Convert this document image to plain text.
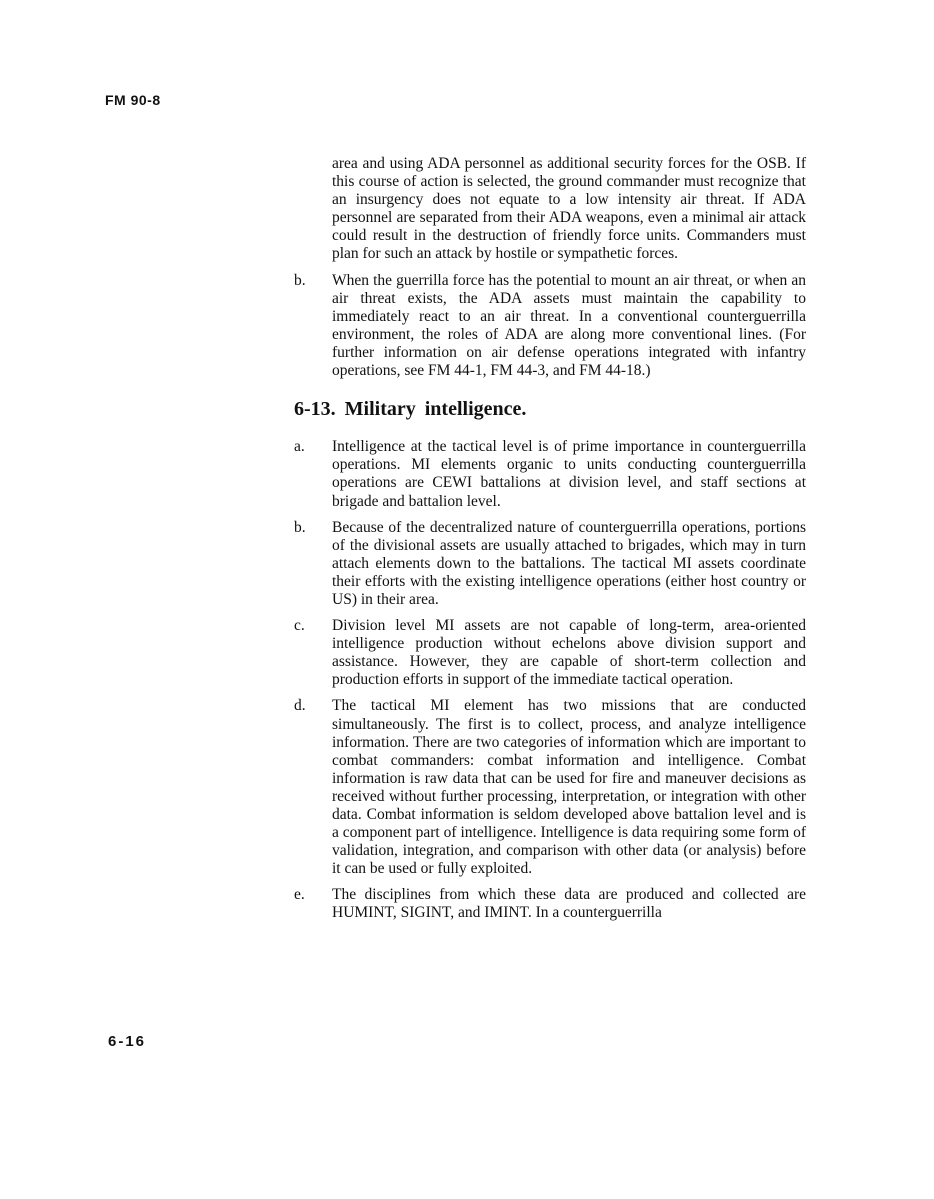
FM 90-8
area and using ADA personnel as additional security forces for the OSB. If this course of action is selected, the ground commander must recognize that an insurgency does not equate to a low intensity air threat. If ADA personnel are separated from their ADA weapons, even a minimal air attack could result in the destruction of friendly force units. Commanders must plan for such an attack by hostile or sympathetic forces.
b.	When the guerrilla force has the potential to mount an air threat, or when an air threat exists, the ADA assets must maintain the capability to immediately react to an air threat. In a conventional counterguerrilla environment, the roles of ADA are along more conventional lines. (For further information on air defense operations integrated with infantry operations, see FM 44-1, FM 44-3, and FM 44-18.)
6-13. Military intelligence.
a.	Intelligence at the tactical level is of prime importance in counterguerrilla operations. MI elements organic to units conducting counterguerrilla operations are CEWI battalions at division level, and staff sections at brigade and battalion level.
b.	Because of the decentralized nature of counterguerrilla operations, portions of the divisional assets are usually attached to brigades, which may in turn attach elements down to the battalions. The tactical MI assets coordinate their efforts with the existing intelligence operations (either host country or US) in their area.
c.	Division level MI assets are not capable of long-term, area-oriented intelligence production without echelons above division support and assistance. However, they are capable of short-term collection and production efforts in support of the immediate tactical operation.
d.	The tactical MI element has two missions that are conducted simultaneously. The first is to collect, process, and analyze intelligence information. There are two categories of information which are important to combat commanders: combat information and intelligence. Combat information is raw data that can be used for fire and maneuver decisions as received without further processing, interpretation, or integration with other data. Combat information is seldom developed above battalion level and is a component part of intelligence. Intelligence is data requiring some form of validation, integration, and comparison with other data (or analysis) before it can be used or fully exploited.
e.	The disciplines from which these data are produced and collected are HUMINT, SIGINT, and IMINT. In a counterguerrilla
6-16
